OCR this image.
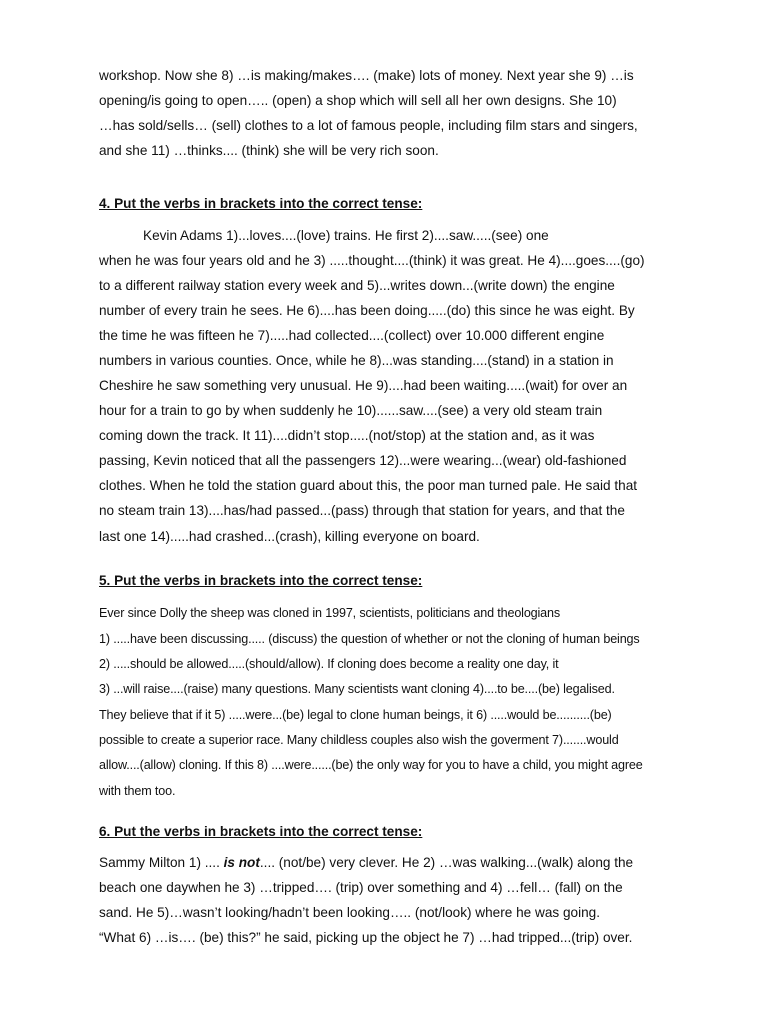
workshop. Now she 8) …is making/makes…. (make) lots of money. Next year she 9) …is
opening/is going to open….. (open) a shop which will sell all her own designs. She 10)
…has sold/sells… (sell) clothes to a lot of famous people, including film stars and singers,
and she 11) …thinks.... (think) she will be very rich soon.
4. Put the verbs in brackets into the correct tense:
Kevin Adams 1)...loves....(love) trains. He first 2)....saw.....(see) one
when he was four years old and he 3) .....thought....(think) it was great. He 4)....goes....(go)
to a different railway station every week and 5)...writes down...(write down) the engine
number of every train he sees. He 6)....has been doing.....(do) this since he was eight. By
the time he was fifteen he 7).....had collected....(collect) over 10.000 different engine
numbers in various counties. Once, while he 8)...was standing....(stand) in a station in
Cheshire he saw something very unusual. He 9)....had been waiting.....(wait) for over an
hour for a train to go by when suddenly he 10)......saw....(see) a very old steam train
coming down the track. It 11)....didn’t stop.....(not/stop) at the station and, as it was
passing, Kevin noticed that all the passengers 12)...were wearing...(wear) old-fashioned
clothes. When he told the station guard about this, the poor man turned pale. He said that
no steam train 13)....has/had passed...(pass) through that station for years, and that the
last one 14).....had crashed...(crash), killing everyone on board.
5. Put the verbs in brackets into the correct tense:
Ever since Dolly the sheep was cloned in 1997, scientists, politicians and theologians
1) .....have been discussing..... (discuss) the question of whether or not the cloning of human beings
2) .....should be allowed.....(should/allow). If cloning does become a reality one day, it
3) ...will raise....(raise) many questions. Many scientists want cloning 4)....to be....(be) legalised.
They believe that if it 5) .....were...(be) legal to clone human beings, it 6) .....would be..........(be)
possible to create a superior race. Many childless couples also wish the goverment 7).......would
allow....(allow) cloning. If this 8) ....were......(be) the only way for you to have a child, you might agree
with them too.
6. Put the verbs in brackets into the correct tense:
Sammy Milton 1) .... is not.... (not/be) very clever. He 2) …was walking...(walk) along the
beach one daywhen he 3) …tripped…. (trip) over something and 4) …fell… (fall) on the
sand. He 5)…wasn’t looking/hadn’t been looking….. (not/look) where he was going.
“What 6) …is…. (be) this?” he said, picking up the object he 7) …had tripped...(trip) over.
